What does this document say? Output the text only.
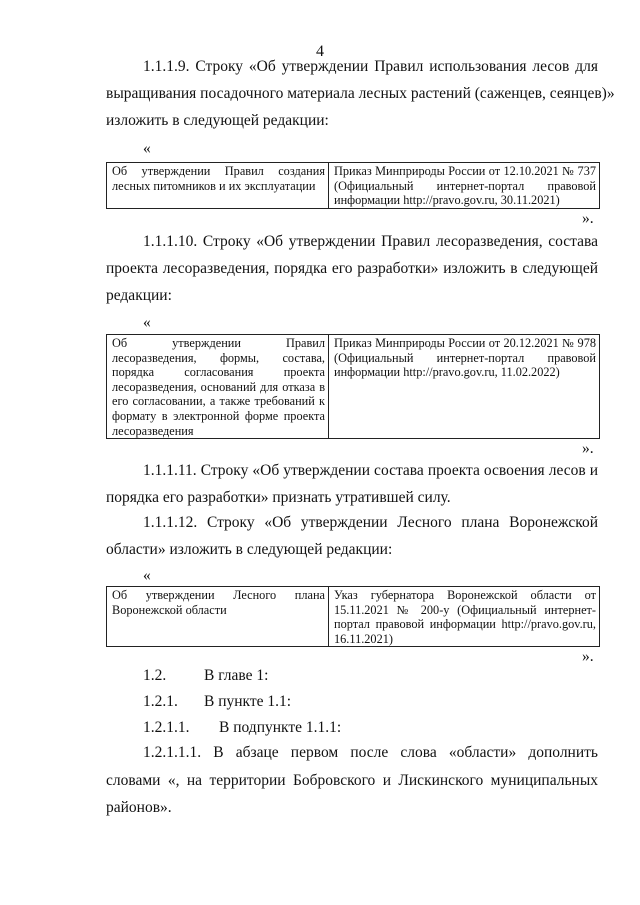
4
1.1.1.9. Строку «Об утверждении Правил использования лесов для
выращивания посадочного материала лесных растений (саженцев, сеянцев)»
изложить в следующей редакции:
«
Об утверждении Правил создания лесных питомников и их эксплуатации	Приказ Минприроды России от 12.10.2021 № 737 (Официальный интернет-портал правовой информации http://pravo.gov.ru, 30.11.2021)
».
1.1.1.10. Строку «Об утверждении Правил лесоразведения, состава
проекта лесоразведения, порядка его разработки» изложить в следующей
редакции:
«
Об утверждении Правил лесоразведения, формы, состава, порядка согласования проекта лесоразведения, оснований для отказа в его согласовании, а также требований к формату в электронной форме проекта лесоразведения	Приказ Минприроды России от 20.12.2021 № 978 (Официальный интернет-портал правовой информации http://pravo.gov.ru, 11.02.2022)
».
1.1.1.11. Строку «Об утверждении состава проекта освоения лесов и
порядка его разработки» признать утратившей силу.
1.1.1.12. Строку «Об утверждении Лесного плана Воронежской
области» изложить в следующей редакции:
«
Об утверждении Лесного плана Воронежской области	Указ губернатора Воронежской области от 15.11.2021 № 200-у (Официальный интернет-портал правовой информации http://pravo.gov.ru, 16.11.2021)
».
1.2. В главе 1:
1.2.1. В пункте 1.1:
1.2.1.1. В подпункте 1.1.1:
1.2.1.1.1. В абзаце первом после слова «области» дополнить
словами «, на территории Бобровского и Лискинского муниципальных
районов».
